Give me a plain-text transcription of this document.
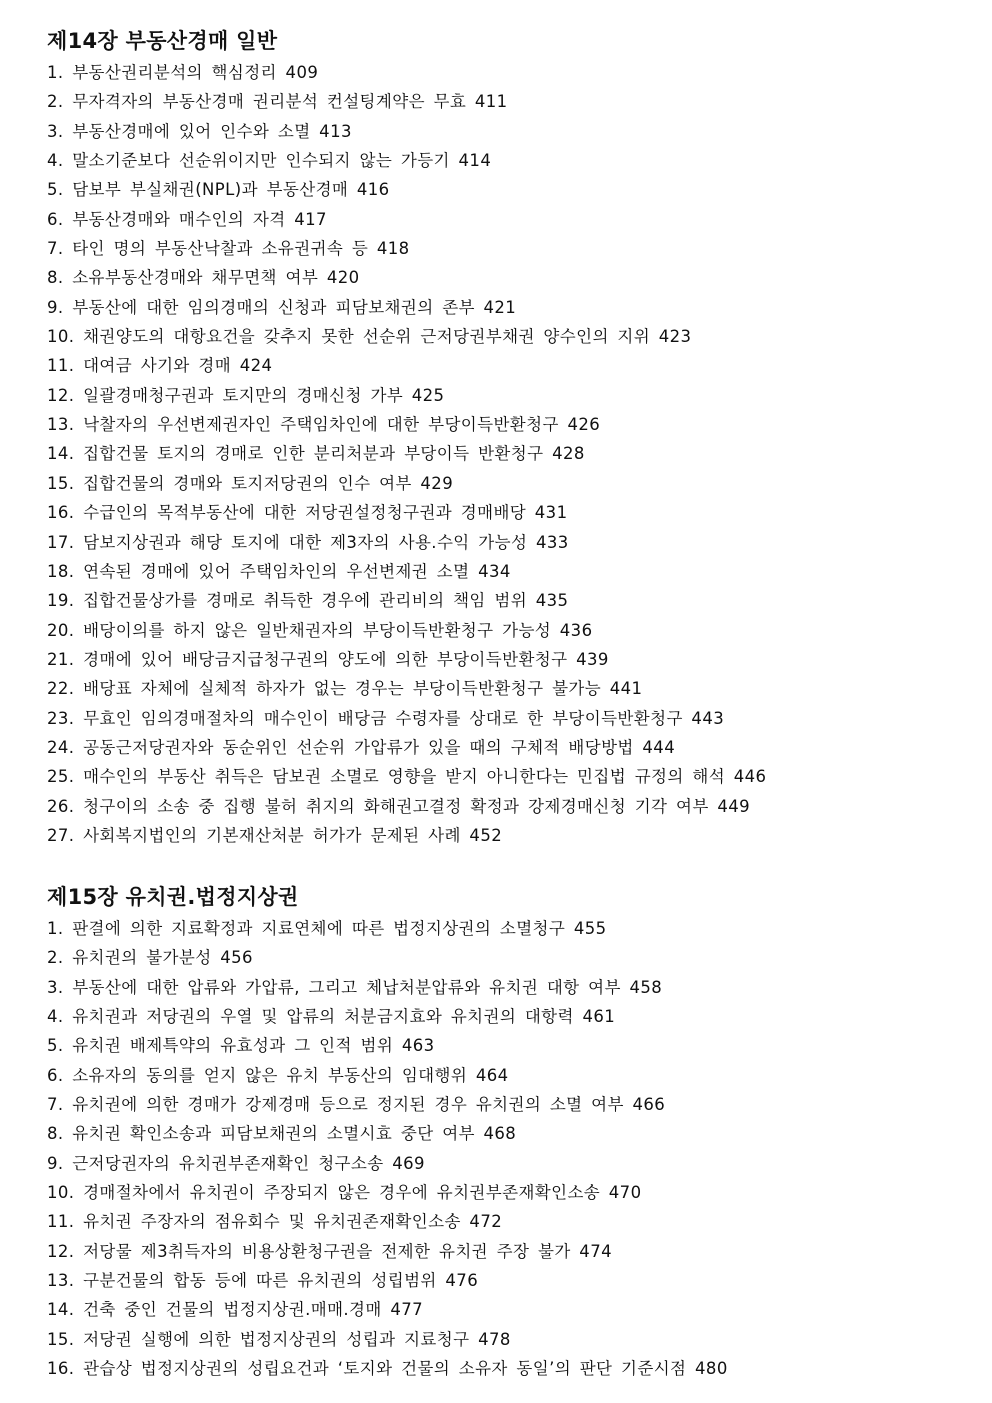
제14장 부동산경매 일반
1. 부동산권리분석의 핵심정리 409
2. 무자격자의 부동산경매 권리분석 컨설팅계약은 무효 411
3. 부동산경매에 있어 인수와 소멸 413
4. 말소기준보다 선순위이지만 인수되지 않는 가등기 414
5. 담보부 부실채권(NPL)과 부동산경매 416
6. 부동산경매와 매수인의 자격 417
7. 타인 명의 부동산낙찰과 소유권귀속 등 418
8. 소유부동산경매와 채무면책 여부 420
9. 부동산에 대한 임의경매의 신청과 피담보채권의 존부 421
10. 채권양도의 대항요건을 갖추지 못한 선순위 근저당권부채권 양수인의 지위 423
11. 대여금 사기와 경매 424
12. 일괄경매청구권과 토지만의 경매신청 가부 425
13. 낙찰자의 우선변제권자인 주택임차인에 대한 부당이득반환청구 426
14. 집합건물 토지의 경매로 인한 분리처분과 부당이득 반환청구 428
15. 집합건물의 경매와 토지저당권의 인수 여부 429
16. 수급인의 목적부동산에 대한 저당권설정청구권과 경매배당 431
17. 담보지상권과 해당 토지에 대한 제3자의 사용.수익 가능성 433
18. 연속된 경매에 있어 주택임차인의 우선변제권 소멸 434
19. 집합건물상가를 경매로 취득한 경우에 관리비의 책임 범위 435
20. 배당이의를 하지 않은 일반채권자의 부당이득반환청구 가능성 436
21. 경매에 있어 배당금지급청구권의 양도에 의한 부당이득반환청구 439
22. 배당표 자체에 실체적 하자가 없는 경우는 부당이득반환청구 불가능 441
23. 무효인 임의경매절차의 매수인이 배당금 수령자를 상대로 한 부당이득반환청구 443
24. 공동근저당권자와 동순위인 선순위 가압류가 있을 때의 구체적 배당방법 444
25. 매수인의 부동산 취득은 담보권 소멸로 영향을 받지 아니한다는 민집법 규정의 해석 446
26. 청구이의 소송 중 집행 불허 취지의 화해권고결정 확정과 강제경매신청 기각 여부 449
27. 사회복지법인의 기본재산처분 허가가 문제된 사례 452
제15장 유치권.법정지상권
1. 판결에 의한 지료확정과 지료연체에 따른 법정지상권의 소멸청구 455
2. 유치권의 불가분성 456
3. 부동산에 대한 압류와 가압류, 그리고 체납처분압류와 유치권 대항 여부 458
4. 유치권과 저당권의 우열 및 압류의 처분금지효와 유치권의 대항력 461
5. 유치권 배제특약의 유효성과 그 인적 범위 463
6. 소유자의 동의를 얻지 않은 유치 부동산의 임대행위 464
7. 유치권에 의한 경매가 강제경매 등으로 정지된 경우 유치권의 소멸 여부 466
8. 유치권 확인소송과 피담보채권의 소멸시효 중단 여부 468
9. 근저당권자의 유치권부존재확인 청구소송 469
10. 경매절차에서 유치권이 주장되지 않은 경우에 유치권부존재확인소송 470
11. 유치권 주장자의 점유회수 및 유치권존재확인소송 472
12. 저당물 제3취득자의 비용상환청구권을 전제한 유치권 주장 불가 474
13. 구분건물의 합동 등에 따른 유치권의 성립범위 476
14. 건축 중인 건물의 법정지상권.매매.경매 477
15. 저당권 실행에 의한 법정지상권의 성립과 지료청구 478
16. 관습상 법정지상권의 성립요건과 ‘토지와 건물의 소유자 동일’의 판단 기준시점 480
